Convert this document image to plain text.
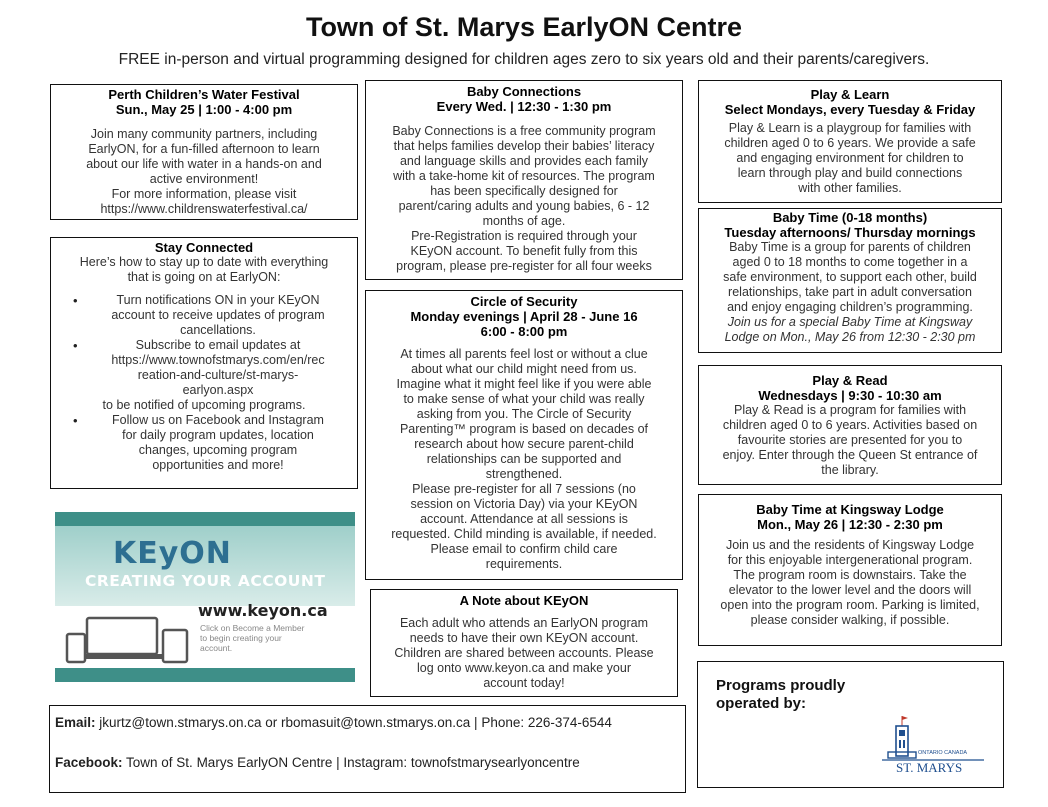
Town of St. Marys EarlyON Centre
FREE in-person and virtual programming designed for children ages zero to six years old and their parents/caregivers.
Perth Children’s Water Festival
Sun., May 25 | 1:00 - 4:00 pm
Join many community partners, including
EarlyON, for a fun-filled afternoon to learn
about our life with water in a hands-on and
active environment!
For more information, please visit
https://www.childrenswaterfestival.ca/
Stay Connected
Here’s how to stay up to date with everything
that is going on at EarlyON:
• Turn notifications ON in your KEyON
account to receive updates of program
cancellations.
• Subscribe to email updates at
https://www.townofstmarys.com/en/rec
reation-and-culture/st-marys-
earlyon.aspx
to be notified of upcoming programs.
• Follow us on Facebook and Instagram
for daily program updates, location
changes, upcoming program
opportunities and more!
KEyON
CREATING YOUR ACCOUNT
www.keyon.ca
Click on Become a Member
to begin creating your
account.
Baby Connections
Every Wed. | 12:30 - 1:30 pm
Baby Connections is a free community program
that helps families develop their babies’ literacy
and language skills and provides each family
with a take-home kit of resources. The program
has been specifically designed for
parent/caring adults and young babies, 6 - 12
months of age.
Pre-Registration is required through your
KEyON account. To benefit fully from this
program, please pre-register for all four weeks
Circle of Security
Monday evenings | April 28 - June 16
6:00 - 8:00 pm
At times all parents feel lost or without a clue
about what our child might need from us.
Imagine what it might feel like if you were able
to make sense of what your child was really
asking from you. The Circle of Security
Parenting™ program is based on decades of
research about how secure parent-child
relationships can be supported and
strengthened.
Please pre-register for all 7 sessions (no
session on Victoria Day) via your KEyON
account. Attendance at all sessions is
requested. Child minding is available, if needed.
Please email to confirm child care
requirements.
A Note about KEyON
Each adult who attends an EarlyON program
needs to have their own KEyON account.
Children are shared between accounts. Please
log onto www.keyon.ca and make your
account today!
Play & Learn
Select Mondays, every Tuesday & Friday
Play & Learn is a playgroup for families with
children aged 0 to 6 years. We provide a safe
and engaging environment for children to
learn through play and build connections
with other families.
Baby Time (0-18 months)
Tuesday afternoons/ Thursday mornings
Baby Time is a group for parents of children
aged 0 to 18 months to come together in a
safe environment, to support each other, build
relationships, take part in adult conversation
and enjoy engaging children’s programming.
Join us for a special Baby Time at Kingsway
Lodge on Mon., May 26 from 12:30 - 2:30 pm
Play & Read
Wednesdays | 9:30 - 10:30 am
Play & Read is a program for families with
children aged 0 to 6 years. Activities based on
favourite stories are presented for you to
enjoy. Enter through the Queen St entrance of
the library.
Baby Time at Kingsway Lodge
Mon., May 26 | 12:30 - 2:30 pm
Join us and the residents of Kingsway Lodge
for this enjoyable intergenerational program.
The program room is downstairs. Take the
elevator to the lower level and the doors will
open into the program room. Parking is limited,
please consider walking, if possible.
Email: jkurtz@town.stmarys.on.ca or rbomasuit@town.stmarys.on.ca | Phone: 226-374-6544
Facebook: Town of St. Marys EarlyON Centre | Instagram: townofstmarysearlyoncentre
Programs proudly
operated by:
ONTARIO CANADA
ST. MARYS
